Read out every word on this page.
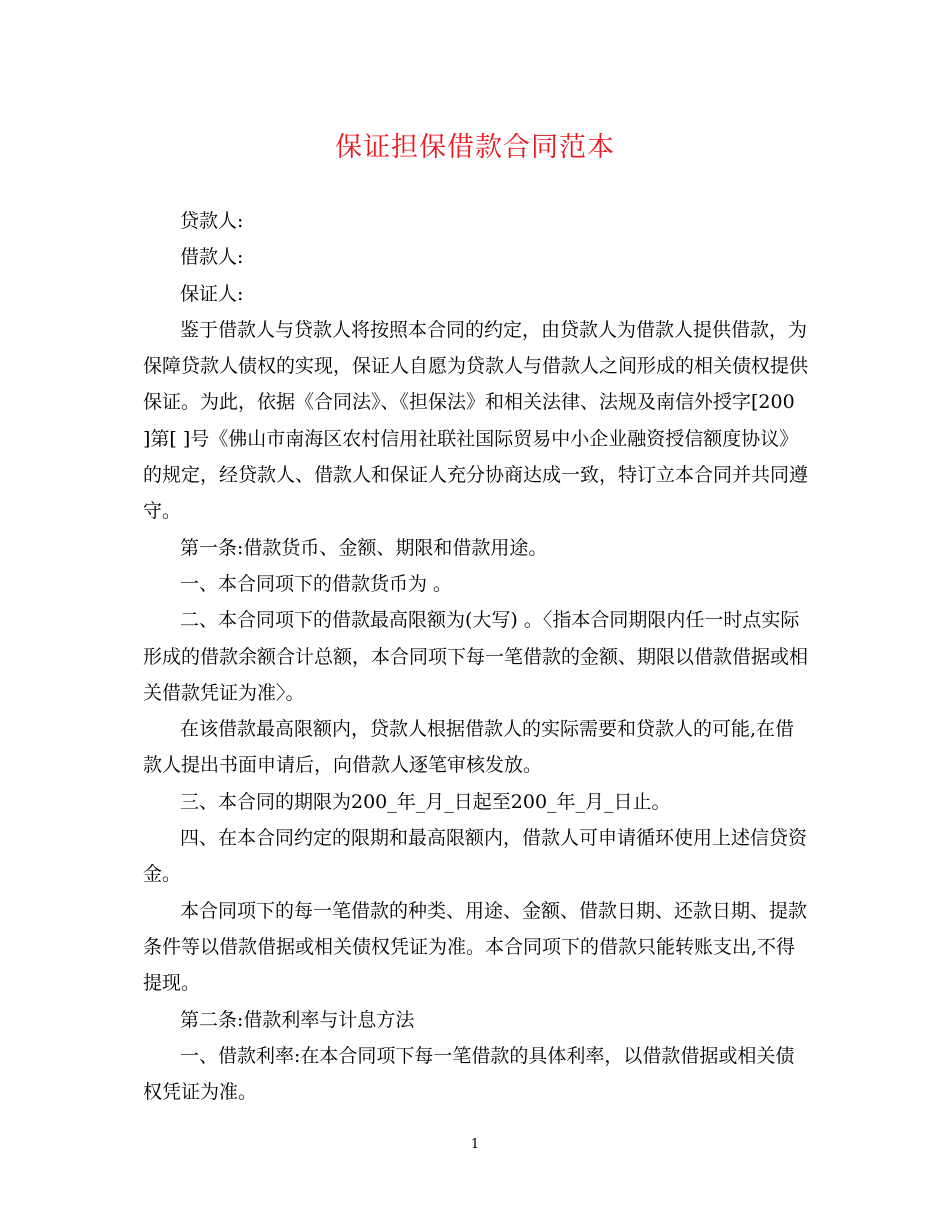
保证担保借款合同范本

贷款人:

借款人:

保证人:

鉴于借款人与贷款人将按照本合同的约定，由贷款人为借款人提供借款，为保障贷款人债权的实现，保证人自愿为贷款人与借款人之间形成的相关债权提供保证。为此，依据《合同法》、《担保法》和相关法律、法规及南信外授字[200 ]第[ ]号《佛山市南海区农村信用社联社国际贸易中小企业融资授信额度协议》的规定，经贷款人、借款人和保证人充分协商达成一致，特订立本合同并共同遵守。

第一条:借款货币、金额、期限和借款用途。

一、本合同项下的借款货币为 。

二、本合同项下的借款最高限额为(大写) 。〈指本合同期限内任一时点实际形成的借款余额合计总额，本合同项下每一笔借款的金额、期限以借款借据或相关借款凭证为准〉。

在该借款最高限额内，贷款人根据借款人的实际需要和贷款人的可能,在借款人提出书面申请后，向借款人逐笔审核发放。

三、本合同的期限为200_年_月_日起至200_年_月_日止。

四、在本合同约定的限期和最高限额内，借款人可申请循环使用上述信贷资金。

本合同项下的每一笔借款的种类、用途、金额、借款日期、还款日期、提款条件等以借款借据或相关债权凭证为准。本合同项下的借款只能转账支出,不得提现。

第二条:借款利率与计息方法

一、借款利率:在本合同项下每一笔借款的具体利率，以借款借据或相关债权凭证为准。

1
